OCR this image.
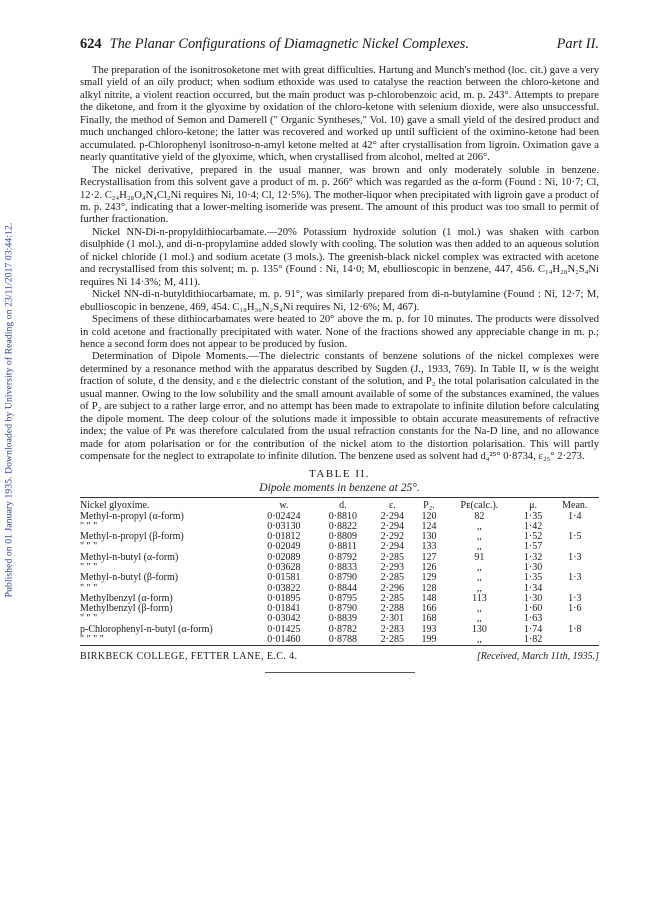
Published on 01 January 1935. Downloaded by University of Reading on 23/11/2017 03:44:12.
624 The Planar Configurations of Diamagnetic Nickel Complexes.	Part II.

The preparation of the isonitrosoketone met with great difficulties. Hartung and Munch's method (loc. cit.) gave a very small yield of an oily product; when sodium ethoxide was used to catalyse the reaction between the chloro-ketone and alkyl nitrite, a violent reaction occurred, but the main product was p-chlorobenzoic acid, m. p. 243°. Attempts to prepare the diketone, and from it the glyoxime by oxidation of the chloro-ketone with selenium dioxide, were also unsuccessful. Finally, the method of Semon and Damerell (" Organic Syntheses," Vol. 10) gave a small yield of the desired product and much unchanged chloro-ketone; the latter was recovered and worked up until sufficient of the oximino-ketone had been accumulated. p-Chlorophenyl isonitroso-n-amyl ketone melted at 42° after crystallisation from ligroin. Oximation gave a nearly quantitative yield of the glyoxime, which, when crystallised from alcohol, melted at 206°.

The nickel derivative, prepared in the usual manner, was brown and only moderately soluble in benzene. Recrystallisation from this solvent gave a product of m. p. 266° which was regarded as the α-form (Found : Ni, 10·7; Cl, 12·2. C₂₄H₂₈O₄N₄Cl₂Ni requires Ni, 10·4; Cl, 12·5%). The mother-liquor when precipitated with ligroin gave a product of m. p. 243°, indicating that a lower-melting isomeride was present. The amount of this product was too small to permit of further fractionation.

Nickel NN-Di-n-propyldithiocarbamate.—20% Potassium hydroxide solution (1 mol.) was shaken with carbon disulphide (1 mol.), and di-n-propylamine added slowly with cooling. The solution was then added to an aqueous solution of nickel chloride (1 mol.) and sodium acetate (3 mols.). The greenish-black nickel complex was extracted with acetone and recrystallised from this solvent; m. p. 135° (Found : Ni, 14·0; M, ebullioscopic in benzene, 447, 456. C₁₄H₂₈N₂S₄Ni requires Ni 14·3%; M, 411).

Nickel NN-di-n-butyldithiocarbamate, m. p. 91°, was similarly prepared from di-n-butylamine (Found : Ni, 12·7; M, ebullioscopic in benzene, 469, 454. C₁₈H₃₆N₂S₄Ni requires Ni, 12·6%; M, 467).

Specimens of these dithiocarbamates were heated to 20° above the m. p. for 10 minutes. The products were dissolved in cold acetone and fractionally precipitated with water. None of the fractions showed any appreciable change in m. p.; hence a second form does not appear to be produced by fusion.

Determination of Dipole Moments.—The dielectric constants of benzene solutions of the nickel complexes were determined by a resonance method with the apparatus described by Sugden (J., 1933, 769). In Table II, w is the weight fraction of solute, d the density, and ε the dielectric constant of the solution, and P₂ the total polarisation calculated in the usual manner. Owing to the low solubility and the small amount available of some of the substances examined, the values of P₂ are subject to a rather large error, and no attempt has been made to extrapolate to infinite dilution before calculating the dipole moment. The deep colour of the solutions made it impossible to obtain accurate measurements of refractive index; the value of Pᴇ was therefore calculated from the usual refraction constants for the Na-D line, and no allowance made for atom polarisation or for the contribution of the nickel atom to the distortion polarisation. This will partly compensate for the neglect to extrapolate to infinite dilution. The benzene used as solvent had d₄²⁵° 0·8734, ε₂₅° 2·273.

TABLE II.
Dipole moments in benzene at 25°.
Nickel glyoxime.	w.	d.	ε.	P₂.	Pᴇ(calc.).	μ.	Mean.
Methyl-n-propyl (α-form)	0·02424	0·8810	2·294	120	82	1·35	1·4
" " "	0·03130	0·8822	2·294	124	,,	1·42	
Methyl-n-propyl (β-form)	0·01812	0·8809	2·292	130	,,	1·52	1·5
" " "	0·02049	0·8811	2·294	133	,,	1·57	
Methyl-n-butyl (α-form)	0·02089	0·8792	2·285	127	91	1·32	1·3
" " "	0·03628	0·8833	2·293	126	,,	1·30	
Methyl-n-butyl (β-form)	0·01581	0·8790	2·285	129	,,	1·35	1·3
" " "	0·03822	0·8844	2·296	128	,,	1·34	
Methylbenzyl (α-form)	0·01895	0·8795	2·285	148	113	1·30	1·3
Methylbenzyl (β-form)	0·01841	0·8790	2·288	166	,,	1·60	1·6
" " "	0·03042	0·8839	2·301	168	,,	1·63	
p-Chlorophenyl-n-butyl (α-form)	0·01425	0·8782	2·283	193	130	1·74	1·8
" " " "	0·01460	0·8788	2·285	199	,,	1·82	
BIRKBECK COLLEGE, FETTER LANE, E.C. 4.	[Received, March 11th, 1935.]
